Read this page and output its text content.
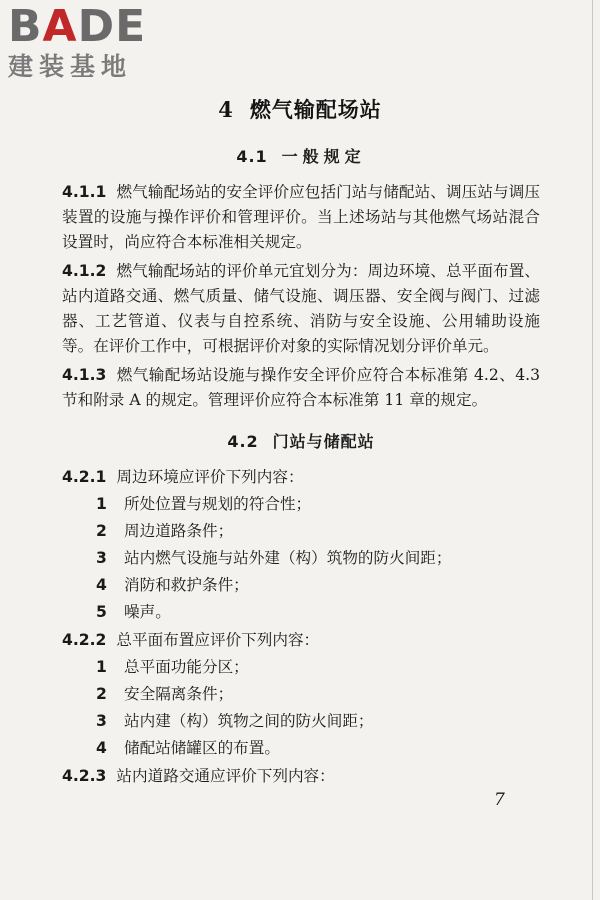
BADE
建装基地
4 燃气输配场站
4.1 一般规定

4.1.1 燃气输配场站的安全评价应包括门站与储配站、调压站与调压装置的设施与操作评价和管理评价。当上述场站与其他燃气场站混合设置时，尚应符合本标准相关规定。

4.1.2 燃气输配场站的评价单元宜划分为：周边环境、总平面布置、站内道路交通、燃气质量、储气设施、调压器、安全阀与阀门、过滤器、工艺管道、仪表与自控系统、消防与安全设施、公用辅助设施等。在评价工作中，可根据评价对象的实际情况划分评价单元。

4.1.3 燃气输配场站设施与操作安全评价应符合本标准第 4.2、4.3 节和附录 A 的规定。管理评价应符合本标准第 11 章的规定。

4.2 门站与储配站

4.2.1 周边环境应评价下列内容：

1 所处位置与规划的符合性；
2 周边道路条件；
3 站内燃气设施与站外建（构）筑物的防火间距；
4 消防和救护条件；
5 噪声。

4.2.2 总平面布置应评价下列内容：

1 总平面功能分区；
2 安全隔离条件；
3 站内建（构）筑物之间的防火间距；
4 储配站储罐区的布置。

4.2.3 站内道路交通应评价下列内容：

7
